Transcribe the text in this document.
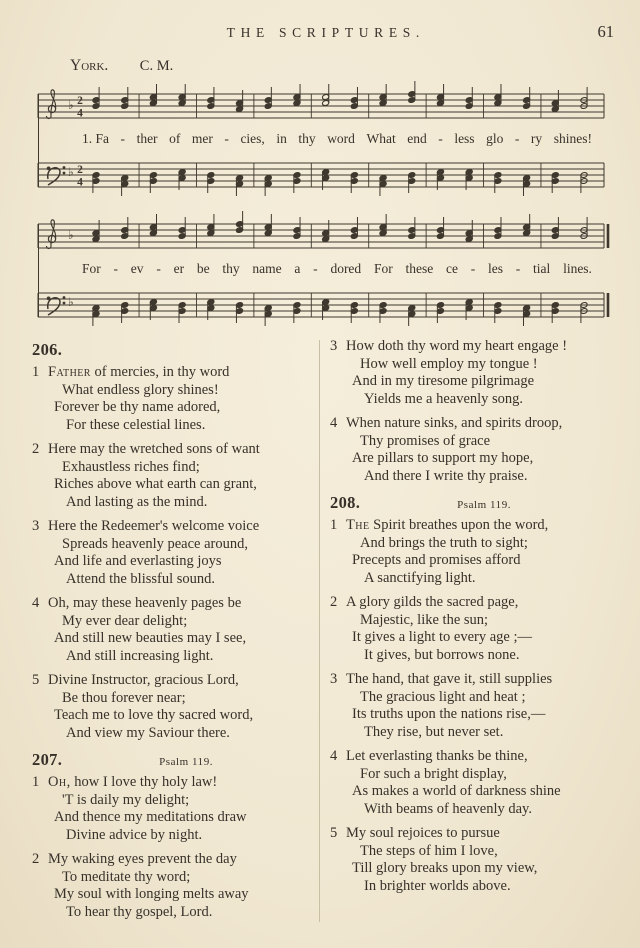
THE SCRIPTURES.	61
York. C. M.
♭ 2
4
1. Fa - ther of mer - cies, in thy word What end - less glo - ry shines!
♭ 2
4
♭
For - ev - er be thy name a - dored For these ce - les - tial lines.
♭
206.
1 Father of mercies, in thy word
What endless glory shines!
Forever be thy name adored,
For these celestial lines.
2 Here may the wretched sons of want
Exhaustless riches find;
Riches above what earth can grant,
And lasting as the mind.
3 Here the Redeemer's welcome voice
Spreads heavenly peace around,
And life and everlasting joys
Attend the blissful sound.
4 Oh, may these heavenly pages be
My ever dear delight;
And still new beauties may I see,
And still increasing light.
5 Divine Instructor, gracious Lord,
Be thou forever near;
Teach me to love thy sacred word,
And view my Saviour there.
207.	Psalm 119.
1 Oh, how I love thy holy law!
'T is daily my delight;
And thence my meditations draw
Divine advice by night.
2 My waking eyes prevent the day
To meditate thy word;
My soul with longing melts away
To hear thy gospel, Lord.
3 How doth thy word my heart engage !
How well employ my tongue !
And in my tiresome pilgrimage
Yields me a heavenly song.
4 When nature sinks, and spirits droop,
Thy promises of grace
Are pillars to support my hope,
And there I write thy praise.
208.	Psalm 119.
1 The Spirit breathes upon the word,
And brings the truth to sight;
Precepts and promises afford
A sanctifying light.
2 A glory gilds the sacred page,
Majestic, like the sun;
It gives a light to every age ;—
It gives, but borrows none.
3 The hand, that gave it, still supplies
The gracious light and heat ;
Its truths upon the nations rise,—
They rise, but never set.
4 Let everlasting thanks be thine,
For such a bright display,
As makes a world of darkness shine
With beams of heavenly day.
5 My soul rejoices to pursue
The steps of him I love,
Till glory breaks upon my view,
In brighter worlds above.
